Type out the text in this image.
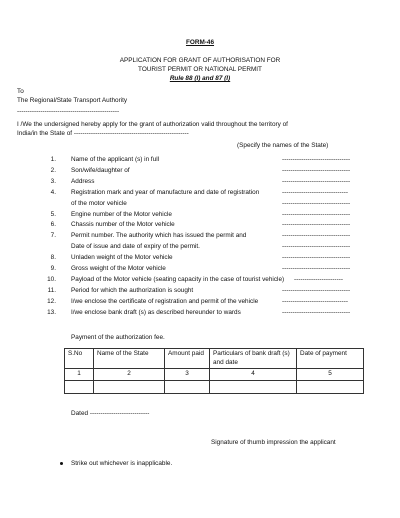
FORM-46
APPLICATION FOR GRANT OF AUTHORISATION FOR
TOURIST PERMIT OR NATIONAL PERMIT
Rule 88 (I) and 87 (I)
To
The Regional/State Transport Authority
------------------------------------------------
I /We the undersigned hereby apply for the grant of authorization valid throughout the territory of
India/in the State of ------------------------------------------------------
(Specify the names of the State)
1. Name of the applicant (s) in full	--------------------------------
2. Son/wife/daughter of	--------------------------------
3. Address	--------------------------------
4. Registration mark and year of manufacture and date of registration	-------------------------------
of the motor vehicle	--------------------------------
5. Engine number of the Motor vehicle	--------------------------------
6. Chassis number of the Motor vehicle	--------------------------------
7. Permit number. The authority which has issued the permit and	--------------------------------
Date of issue and date of expiry of the permit.	--------------------------------
8. Unladen weight of the Motor vehicle	--------------------------------
9. Gross weight of the Motor vehicle	--------------------------------
10. Payload of the Motor vehicle (seating capacity in the case of tourist vehicle) -----------------------
11. Period for which the authorization is sought	--------------------------------
12. I/we enclose the certificate of registration and permit of the vehicle	-------------------------------
13. I/we enclose bank draft (s) as described hereunder to wards	--------------------------------
Payment of the authorization fee.
S.No	Name of the State	Amount paid	Particulars of bank draft (s) and date	Date of payment
1	2	3	4	5

Dated ----------------------------
Signature of thumb impression the applicant
Strike out whichever is inapplicable.
